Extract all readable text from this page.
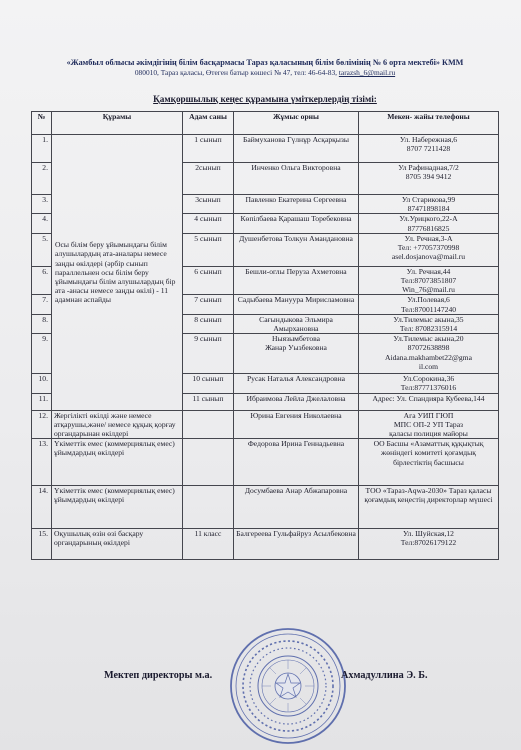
«Жамбыл облысы әкімдігінің білім басқармасы Тараз қаласының білім бөлімінің № 6 орта мектебі» КММ
080010, Тараз қаласы, Өтеген батыр көшесі № 47, тел: 46-64-83, tarazsh_6@mail.ru
Қамқоршылық кеңес құрамына үміткерлердің тізімі:
№	Құрамы	Адам саны	Жұмыс орны	Мекен- жайы телефоны
1.	Осы білім беру ұйымындағы білім алушылардың ата-аналары немесе заңды өкілдері (әрбір сынып параллельнен осы білім беру ұйымындағы білім алушылардың бір ата -анасы немесе заңды өкілі) - 11 адамнан аспайды	1 сынып	Баймуханова Гүлнұр Асқарқызы	Ул. Набережная,6
8707 7211428
2.		2сынып	Инченко Ольга Викторовна	Ул Рафинадная,7/2
8705 394 9412
3.		3сынып	Павленко Екатерина Сергеевна	Ул Старикова,99
87471898184
4.		4 сынып	Көпілбаева Қарашаш Торебековна	Ул.Урицкого,22-А
87776816825
5.		5 сынып	Душенбетова Толкун Амандановна	Ул. Речная,3-А
Тел: +77057370998
asel.dosjanova@mail.ru
6.		6 сынып	Бешли-оглы Перуза Ахметовна	Ул. Речная,44
Тел:87073851807
Win_76@mail.ru
7.		7 сынып	Садыбаева Мануура Мирисламовна	Ул.Полевая,6
Тел:87001147240
8.		8 сынып	Сағындыкова Эльмира Амырхановна	Ул.Тилемыс акына,35
Тел: 87082315914
9.		9 сынып	Ныязымбетова
Жанар Уызбековна	Ул.Тилемыс акына,20
87072638898
Aidana.makhambet22@gma
il.com
10.		10 сынып	Русак Наталья Александровна	Ул.Сорокина,36
Тел:87771376016
11.		11 сынып	Ибраимова Лейла Джелаловна	Адрес: Ул. Спандияра Кубеева,144
12.	Жергілікті өкілді және немесе атқарушы,және/ немесе құқық қорғау органдарынан өкілдері		Юрина Евгения Николаевна	Ага УИП ГЮП
МПС ОП-2 УП Тараз
қаласы полиция майоры
13.	Үкіметтік емес (коммерциялық емес) ұйымдардың өкілдері		Федорова Ирина Геннадьевна	ОО Басшы «Азаматтық құқықтық жөніндегі комитеті қоғамдық бірлестіктің басшысы
14.	Үкіметтік емес (коммерциялық емес) ұйымдардың өкілдері		Досумбаева Анар Абжапаровна	ТОО «Тараз-Aqwa-2030» Тараз қаласы қоғамдық кеңестің директорлар мүшесі
15.	Оқушылық өзін өзі басқару органдарының өкілдері	11 класс	Балгереева Гульфайруз Асылбековна	Ул. Шуйская,12
Тел:87026179122
Мектеп директоры м.а.	Ахмадуллина Э. Б.
